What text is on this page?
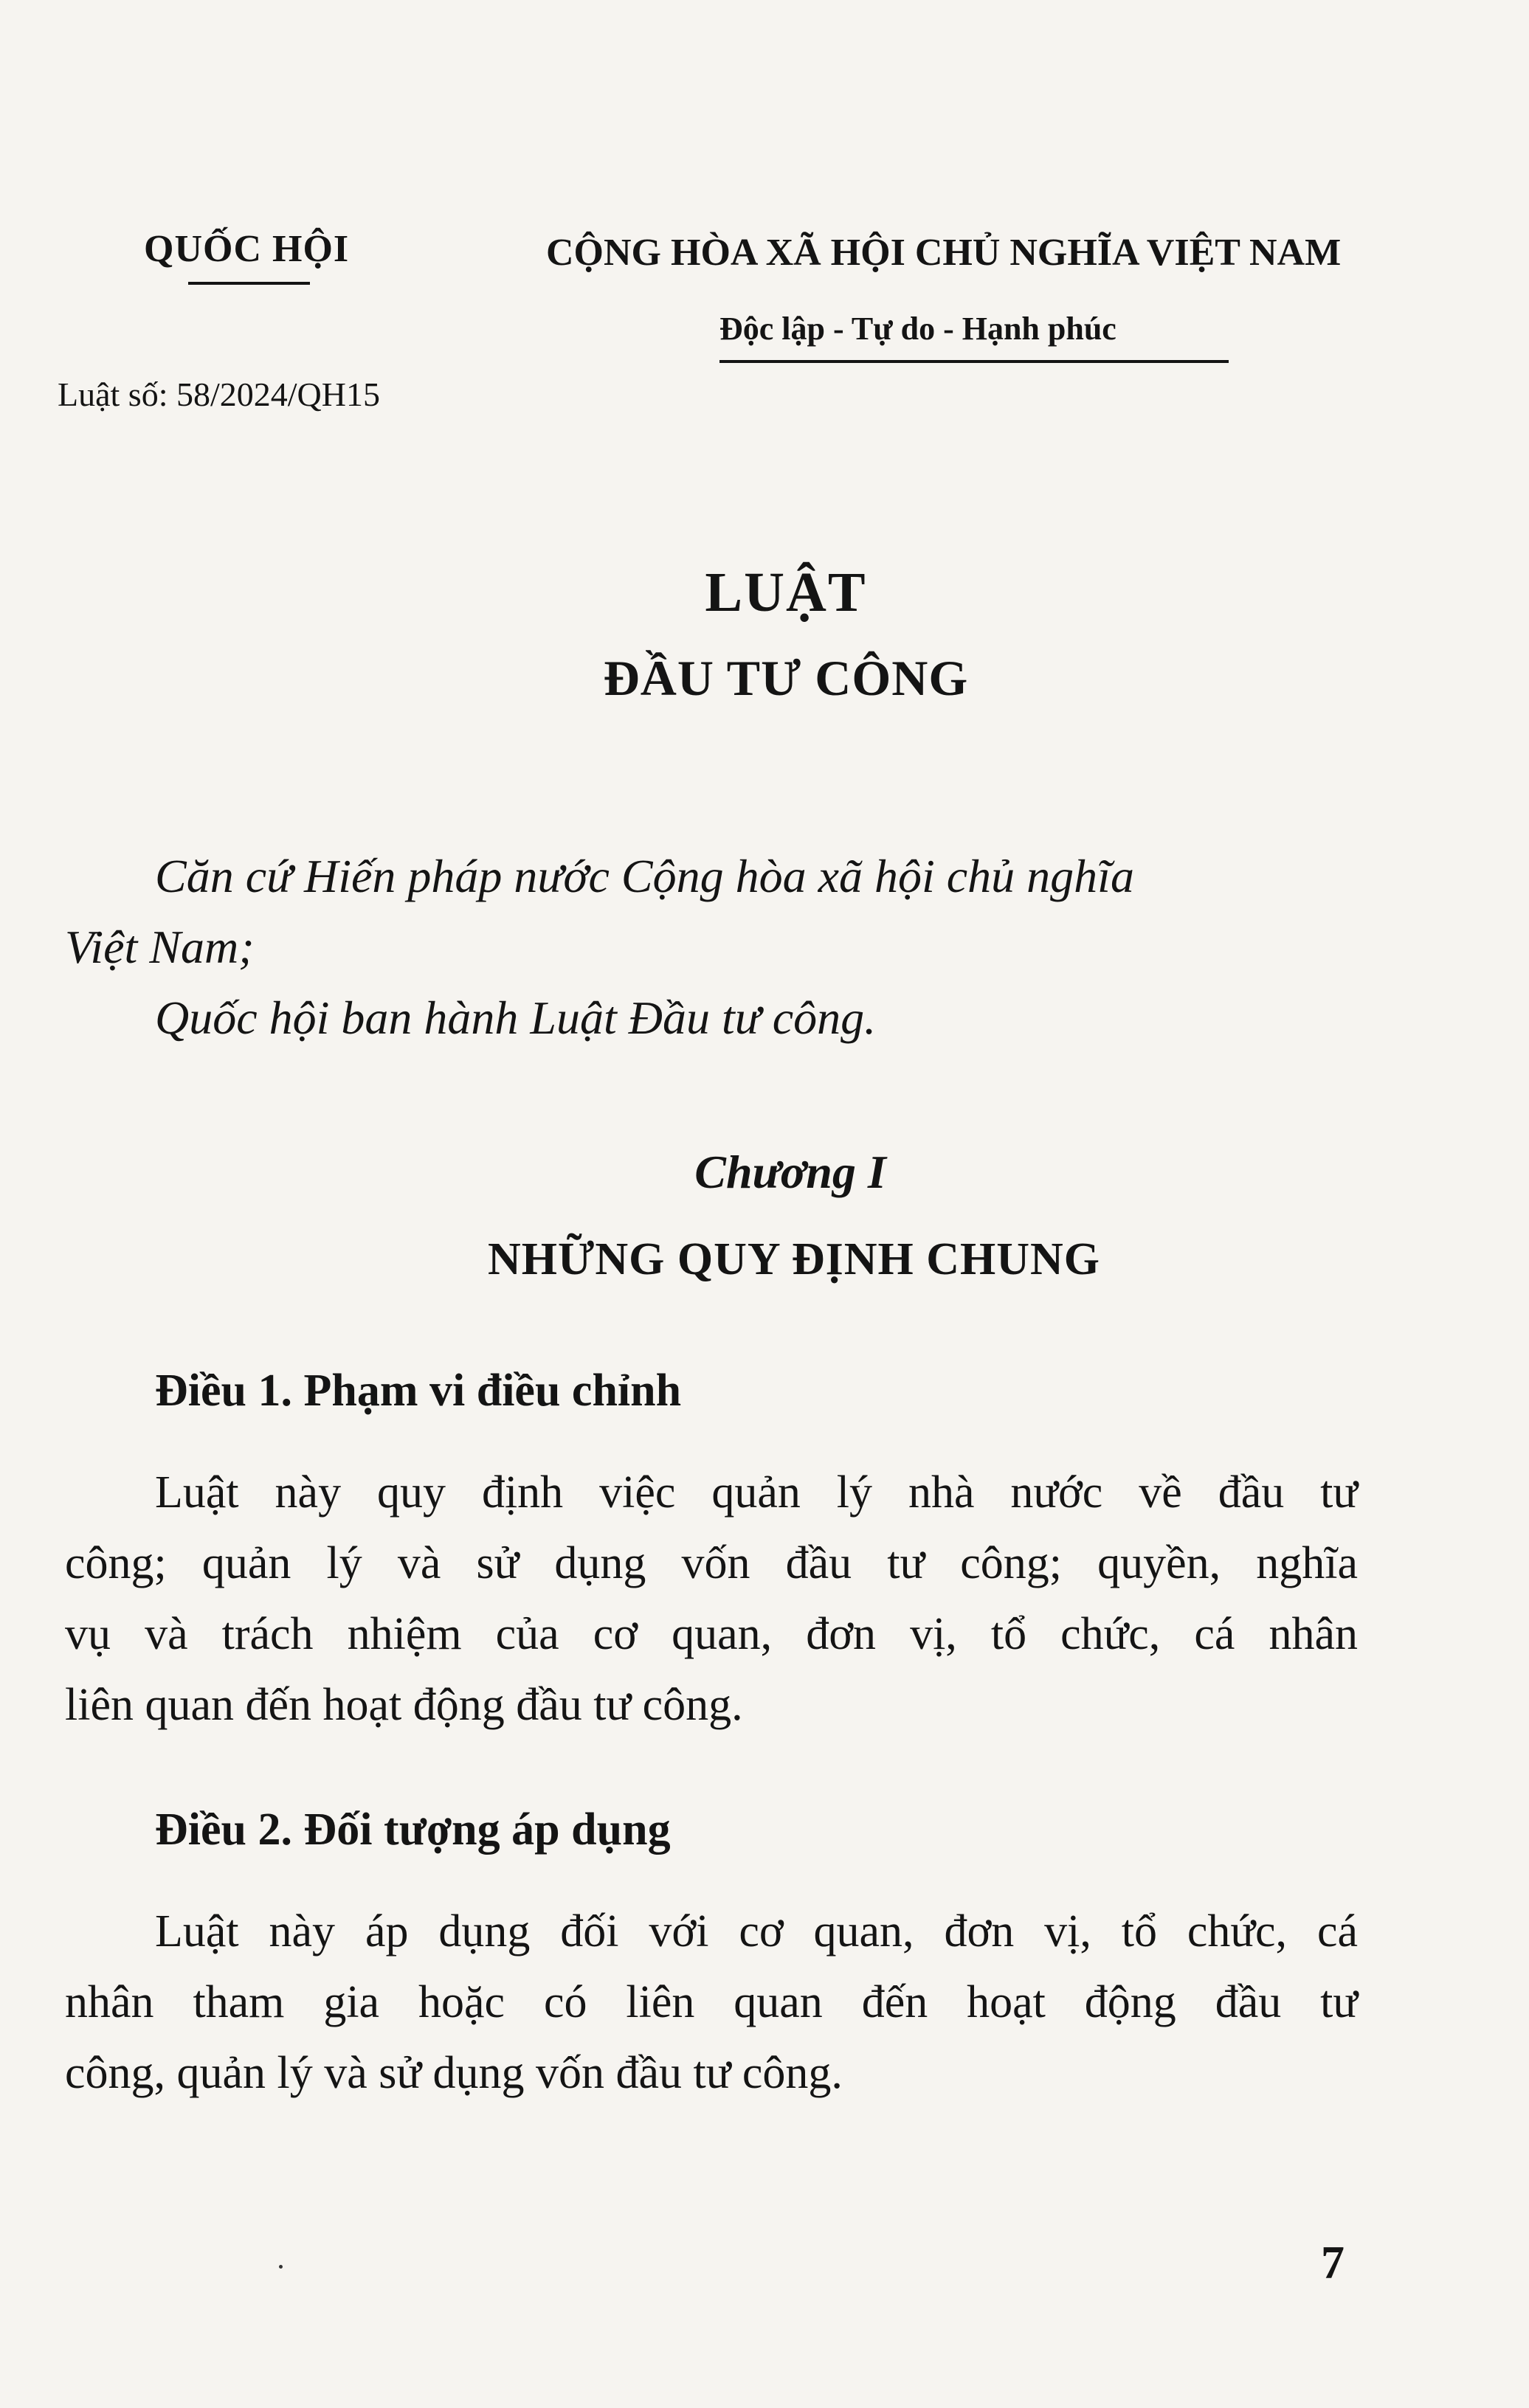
QUỐC HỘI	CỘNG HÒA XÃ HỘI CHỦ NGHĨA VIỆT NAM
Độc lập - Tự do - Hạnh phúc
Luật số: 58/2024/QH15
LUẬT
ĐẦU TƯ CÔNG
Căn cứ Hiến pháp nước Cộng hòa xã hội chủ nghĩa
Việt Nam;
Quốc hội ban hành Luật Đầu tư công.
Chương I
NHỮNG QUY ĐỊNH CHUNG
Điều 1. Phạm vi điều chỉnh
Luật này quy định việc quản lý nhà nước về đầu tư
công; quản lý và sử dụng vốn đầu tư công; quyền, nghĩa
vụ và trách nhiệm của cơ quan, đơn vị, tổ chức, cá nhân
liên quan đến hoạt động đầu tư công.
Điều 2. Đối tượng áp dụng
Luật này áp dụng đối với cơ quan, đơn vị, tổ chức, cá
nhân tham gia hoặc có liên quan đến hoạt động đầu tư
công, quản lý và sử dụng vốn đầu tư công.
7
